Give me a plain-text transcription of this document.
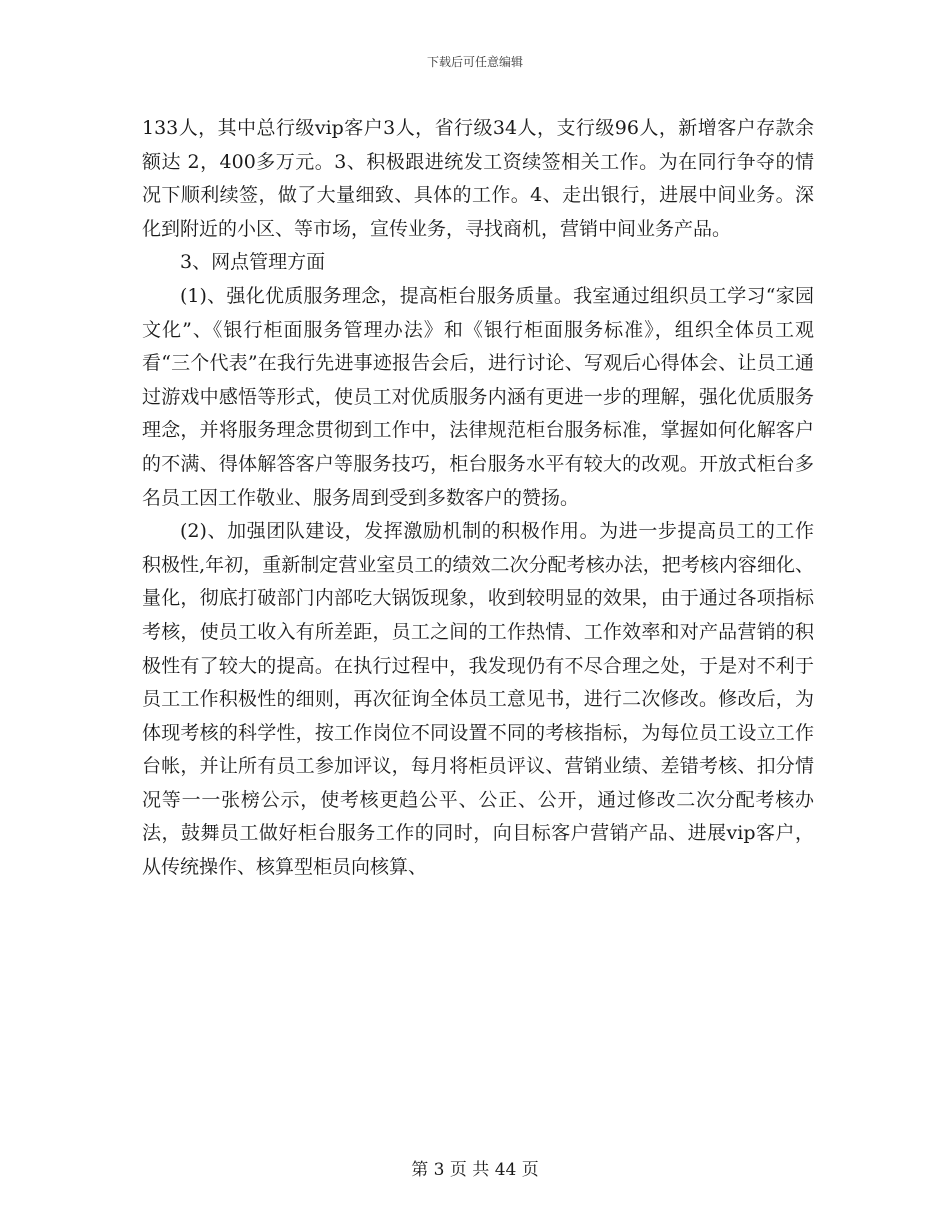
下载后可任意编辑

133人，其中总行级vip客户3人，省行级34人，支行级96人，新增客户存款余额达 2，400多万元。3、积极跟进统发工资续签相关工作。为在同行争夺的情况下顺利续签，做了大量细致、具体的工作。4、走出银行，进展中间业务。深化到附近的小区、等市场，宣传业务，寻找商机，营销中间业务产品。

3、网点管理方面

(1)、强化优质服务理念，提高柜台服务质量。我室通过组织员工学习“家园文化”、《银行柜面服务管理办法》和《银行柜面服务标准》，组织全体员工观看“三个代表”在我行先进事迹报告会后，进行讨论、写观后心得体会、让员工通过游戏中感悟等形式，使员工对优质服务内涵有更进一步的理解，强化优质服务理念，并将服务理念贯彻到工作中，法律规范柜台服务标准，掌握如何化解客户的不满、得体解答客户等服务技巧，柜台服务水平有较大的改观。开放式柜台多名员工因工作敬业、服务周到受到多数客户的赞扬。

(2)、加强团队建设，发挥激励机制的积极作用。为进一步提高员工的工作积极性,年初，重新制定营业室员工的绩效二次分配考核办法，把考核内容细化、量化，彻底打破部门内部吃大锅饭现象，收到较明显的效果，由于通过各项指标考核，使员工收入有所差距，员工之间的工作热情、工作效率和对产品营销的积极性有了较大的提高。在执行过程中，我发现仍有不尽合理之处，于是对不利于员工工作积极性的细则，再次征询全体员工意见书，进行二次修改。修改后，为体现考核的科学性，按工作岗位不同设置不同的考核指标，为每位员工设立工作台帐，并让所有员工参加评议，每月将柜员评议、营销业绩、差错考核、扣分情况等一一张榜公示，使考核更趋公平、公正、公开，通过修改二次分配考核办法，鼓舞员工做好柜台服务工作的同时，向目标客户营销产品、进展vip客户，从传统操作、核算型柜员向核算、

第 3 页 共 44 页
